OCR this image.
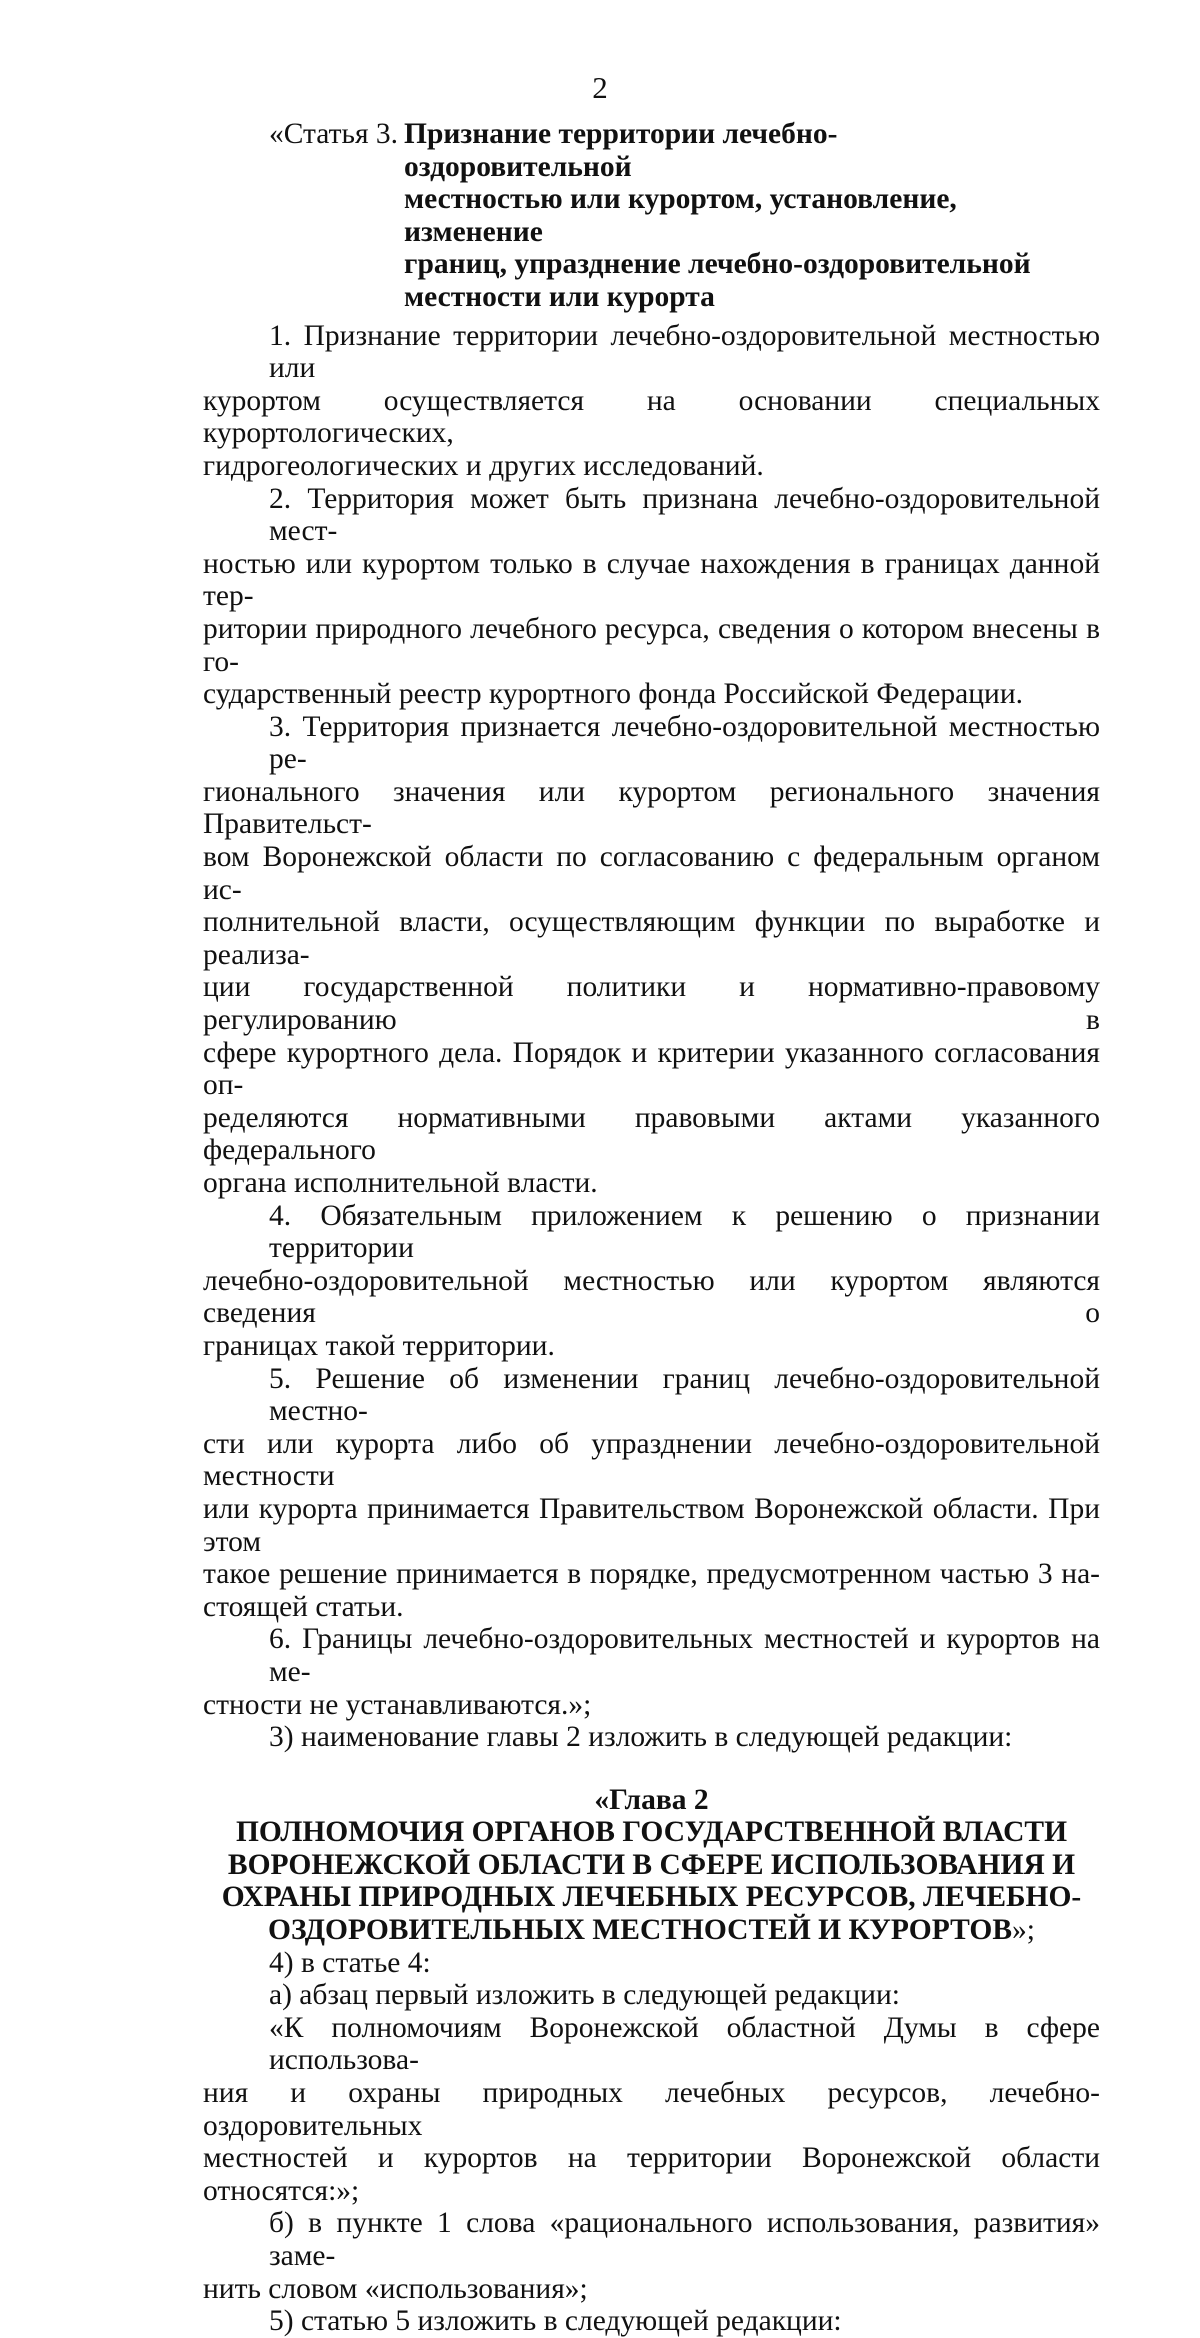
2
«Статья 3. Признание территории лечебно-оздоровительной
местностью или курортом, установление, изменение
границ, упразднение лечебно-оздоровительной
местности или курорта
1. Признание территории лечебно-оздоровительной местностью или
курортом осуществляется на основании специальных курортологических,
гидрогеологических и других исследований.
2. Территория может быть признана лечебно-оздоровительной мест-
ностью или курортом только в случае нахождения в границах данной тер-
ритории природного лечебного ресурса, сведения о котором внесены в го-
сударственный реестр курортного фонда Российской Федерации.
3. Территория признается лечебно-оздоровительной местностью ре-
гионального значения или курортом регионального значения Правительст-
вом Воронежской области по согласованию с федеральным органом ис-
полнительной власти, осуществляющим функции по выработке и реализа-
ции государственной политики и нормативно-правовому регулированию в
сфере курортного дела. Порядок и критерии указанного согласования оп-
ределяются нормативными правовыми актами указанного федерального
органа исполнительной власти.
4. Обязательным приложением к решению о признании территории
лечебно-оздоровительной местностью или курортом являются сведения о
границах такой территории.
5. Решение об изменении границ лечебно-оздоровительной местно-
сти или курорта либо об упразднении лечебно-оздоровительной местности
или курорта принимается Правительством Воронежской области. При этом
такое решение принимается в порядке, предусмотренном частью 3 на-
стоящей статьи.
6. Границы лечебно-оздоровительных местностей и курортов на ме-
стности не устанавливаются.»;
3) наименование главы 2 изложить в следующей редакции:
«Глава 2
ПОЛНОМОЧИЯ ОРГАНОВ ГОСУДАРСТВЕННОЙ ВЛАСТИ
ВОРОНЕЖСКОЙ ОБЛАСТИ В СФЕРЕ ИСПОЛЬЗОВАНИЯ И
ОХРАНЫ ПРИРОДНЫХ ЛЕЧЕБНЫХ РЕСУРСОВ, ЛЕЧЕБНО-
ОЗДОРОВИТЕЛЬНЫХ МЕСТНОСТЕЙ И КУРОРТОВ»;
4) в статье 4:
а) абзац первый изложить в следующей редакции:
«К полномочиям Воронежской областной Думы в сфере использова-
ния и охраны природных лечебных ресурсов, лечебно-оздоровительных
местностей и курортов на территории Воронежской области относятся:»;
б) в пункте 1 слова «рационального использования, развития» заме-
нить словом «использования»;
5) статью 5 изложить в следующей редакции:
